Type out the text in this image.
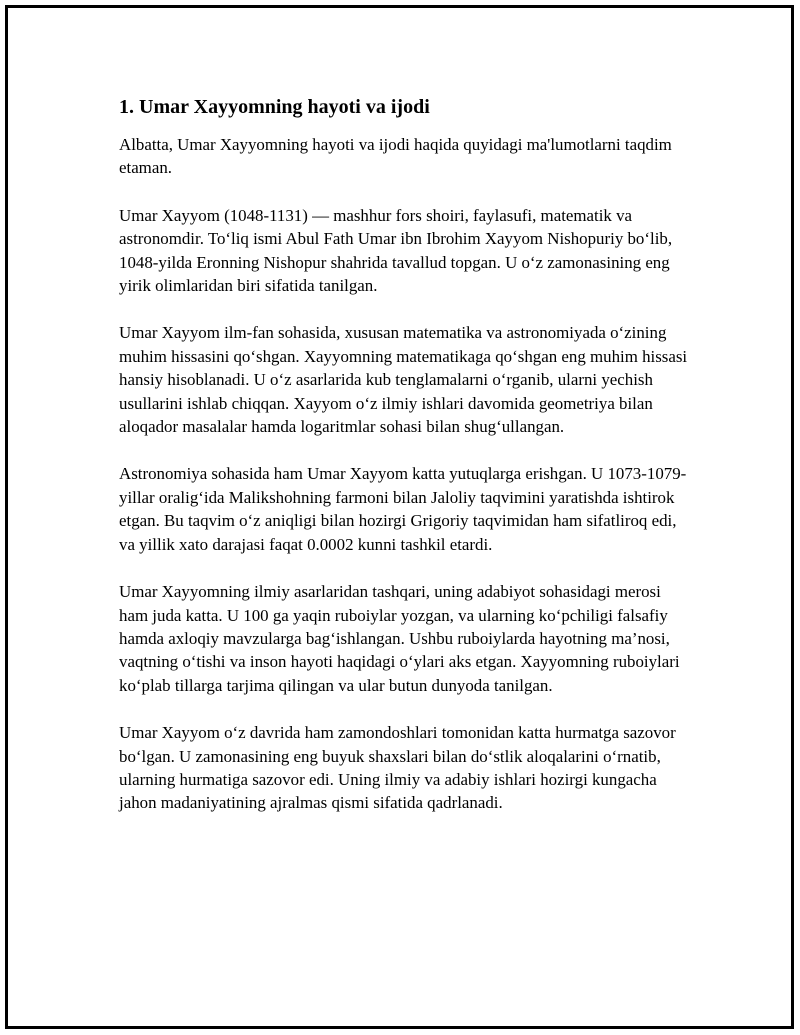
1. Umar Xayyomning hayoti va ijodi

Albatta, Umar Xayyomning hayoti va ijodi haqida quyidagi ma'lumotlarni taqdim etaman.

Umar Xayyom (1048-1131) — mashhur fors shoiri, faylasufi, matematik va astronomdir. To‘liq ismi Abul Fath Umar ibn Ibrohim Xayyom Nishopuriy bo‘lib, 1048-yilda Eronning Nishopur shahrida tavallud topgan. U o‘z zamonasining eng yirik olimlaridan biri sifatida tanilgan.

Umar Xayyom ilm-fan sohasida, xususan matematika va astronomiyada o‘zining muhim hissasini qo‘shgan. Xayyomning matematikaga qo‘shgan eng muhim hissasi hansiy hisoblanadi. U o‘z asarlarida kub tenglamalarni o‘rganib, ularni yechish usullarini ishlab chiqqan. Xayyom o‘z ilmiy ishlari davomida geometriya bilan aloqador masalalar hamda logaritmlar sohasi bilan shug‘ullangan.

Astronomiya sohasida ham Umar Xayyom katta yutuqlarga erishgan. U 1073-1079-yillar oralig‘ida Malikshohning farmoni bilan Jaloliy taqvimini yaratishda ishtirok etgan. Bu taqvim o‘z aniqligi bilan hozirgi Grigoriy taqvimidan ham sifatliroq edi, va yillik xato darajasi faqat 0.0002 kunni tashkil etardi.

Umar Xayyomning ilmiy asarlaridan tashqari, uning adabiyot sohasidagi merosi ham juda katta. U 100 ga yaqin ruboiylar yozgan, va ularning ko‘pchiligi falsafiy hamda axloqiy mavzularga bag‘ishlangan. Ushbu ruboiylarda hayotning ma’nosi, vaqtning o‘tishi va inson hayoti haqidagi o‘ylari aks etgan. Xayyomning ruboiylari ko‘plab tillarga tarjima qilingan va ular butun dunyoda tanilgan.

Umar Xayyom o‘z davrida ham zamondoshlari tomonidan katta hurmatga sazovor bo‘lgan. U zamonasining eng buyuk shaxslari bilan do‘stlik aloqalarini o‘rnatib, ularning hurmatiga sazovor edi. Uning ilmiy va adabiy ishlari hozirgi kungacha jahon madaniyatining ajralmas qismi sifatida qadrlanadi.
